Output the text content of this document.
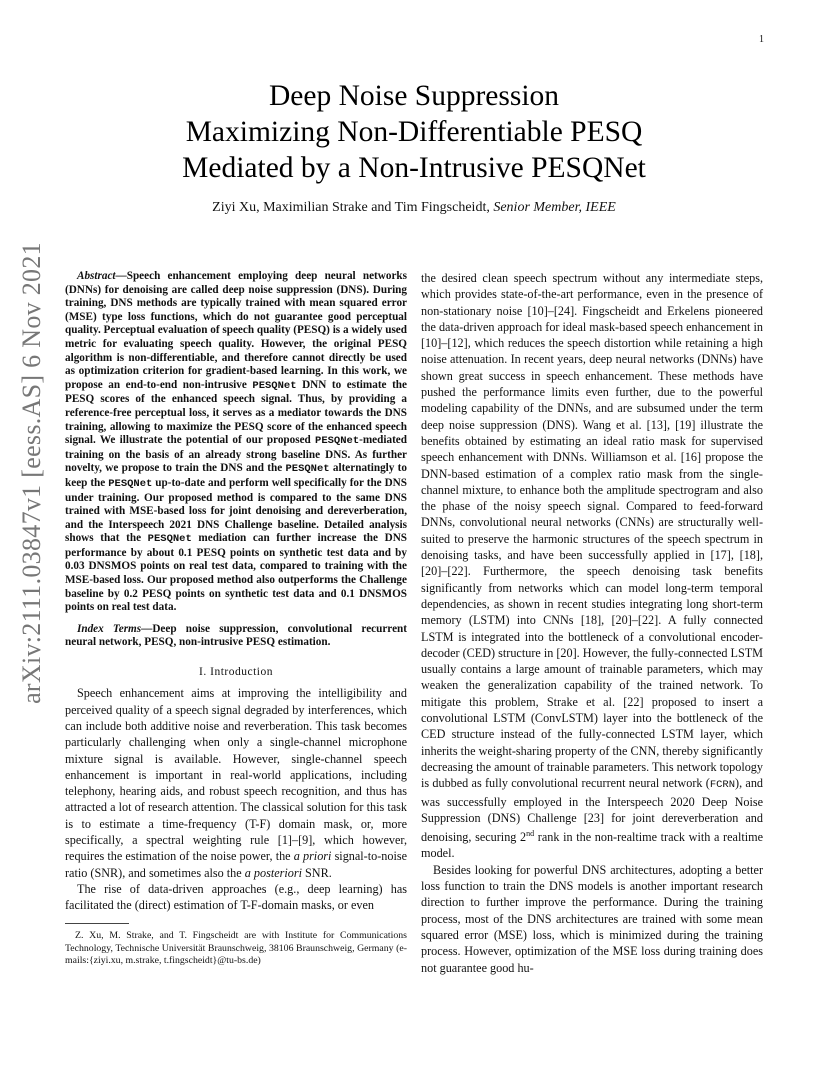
1
arXiv:2111.03847v1 [eess.AS] 6 Nov 2021
Deep Noise Suppression
Maximizing Non-Differentiable PESQ
Mediated by a Non-Intrusive PESQNet
Ziyi Xu, Maximilian Strake and Tim Fingscheidt, Senior Member, IEEE

Abstract—Speech enhancement employing deep neural networks (DNNs) for denoising are called deep noise suppression (DNS). During training, DNS methods are typically trained with mean squared error (MSE) type loss functions, which do not guarantee good perceptual quality. Perceptual evaluation of speech quality (PESQ) is a widely used metric for evaluating speech quality. However, the original PESQ algorithm is non-differentiable, and therefore cannot directly be used as optimization criterion for gradient-based learning. In this work, we propose an end-to-end non-intrusive PESQNet DNN to estimate the PESQ scores of the enhanced speech signal. Thus, by providing a reference-free perceptual loss, it serves as a mediator towards the DNS training, allowing to maximize the PESQ score of the enhanced speech signal. We illustrate the potential of our proposed PESQNet-mediated training on the basis of an already strong baseline DNS. As further novelty, we propose to train the DNS and the PESQNet alternatingly to keep the PESQNet up-to-date and perform well specifically for the DNS under training. Our proposed method is compared to the same DNS trained with MSE-based loss for joint denoising and dereverberation, and the Interspeech 2021 DNS Challenge baseline. Detailed analysis shows that the PESQNet mediation can further increase the DNS performance by about 0.1 PESQ points on synthetic test data and by 0.03 DNSMOS points on real test data, compared to training with the MSE-based loss. Our proposed method also outperforms the Challenge baseline by 0.2 PESQ points on synthetic test data and 0.1 DNSMOS points on real test data.

Index Terms—Deep noise suppression, convolutional recurrent neural network, PESQ, non-intrusive PESQ estimation.

I. Introduction

Speech enhancement aims at improving the intelligibility and perceived quality of a speech signal degraded by interferences, which can include both additive noise and reverberation. This task becomes particularly challenging when only a single-channel microphone mixture signal is available. However, single-channel speech enhancement is important in real-world applications, including telephony, hearing aids, and robust speech recognition, and thus has attracted a lot of research attention. The classical solution for this task is to estimate a time-frequency (T-F) domain mask, or, more specifically, a spectral weighting rule [1]–[9], which however, requires the estimation of the noise power, the a priori signal-to-noise ratio (SNR), and sometimes also the a posteriori SNR.

The rise of data-driven approaches (e.g., deep learning) has facilitated the (direct) estimation of T-F-domain masks, or even

Z. Xu, M. Strake, and T. Fingscheidt are with Institute for Communications Technology, Technische Universität Braunschweig, 38106 Braunschweig, Germany (e-mails:{ziyi.xu, m.strake, t.fingscheidt}@tu-bs.de)

the desired clean speech spectrum without any intermediate steps, which provides state-of-the-art performance, even in the presence of non-stationary noise [10]–[24]. Fingscheidt and Erkelens pioneered the data-driven approach for ideal mask-based speech enhancement in [10]–[12], which reduces the speech distortion while retaining a high noise attenuation. In recent years, deep neural networks (DNNs) have shown great success in speech enhancement. These methods have pushed the performance limits even further, due to the powerful modeling capability of the DNNs, and are subsumed under the term deep noise suppression (DNS). Wang et al. [13], [19] illustrate the benefits obtained by estimating an ideal ratio mask for supervised speech enhancement with DNNs. Williamson et al. [16] propose the DNN-based estimation of a complex ratio mask from the single-channel mixture, to enhance both the amplitude spectrogram and also the phase of the noisy speech signal. Compared to feed-forward DNNs, convolutional neural networks (CNNs) are structurally well-suited to preserve the harmonic structures of the speech spectrum in denoising tasks, and have been successfully applied in [17], [18], [20]–[22]. Furthermore, the speech denoising task benefits significantly from networks which can model long-term temporal dependencies, as shown in recent studies integrating long short-term memory (LSTM) into CNNs [18], [20]–[22]. A fully connected LSTM is integrated into the bottleneck of a convolutional encoder-decoder (CED) structure in [20]. However, the fully-connected LSTM usually contains a large amount of trainable parameters, which may weaken the generalization capability of the trained network. To mitigate this problem, Strake et al. [22] proposed to insert a convolutional LSTM (ConvLSTM) layer into the bottleneck of the CED structure instead of the fully-connected LSTM layer, which inherits the weight-sharing property of the CNN, thereby significantly decreasing the amount of trainable parameters. This network topology is dubbed as fully convolutional recurrent neural network (FCRN), and was successfully employed in the Interspeech 2020 Deep Noise Suppression (DNS) Challenge [23] for joint dereverberation and denoising, securing 2nd rank in the non-realtime track with a realtime model.

Besides looking for powerful DNS architectures, adopting a better loss function to train the DNS models is another important research direction to further improve the performance. During the training process, most of the DNS architectures are trained with some mean squared error (MSE) loss, which is minimized during the training process. However, optimization of the MSE loss during training does not guarantee good hu-
